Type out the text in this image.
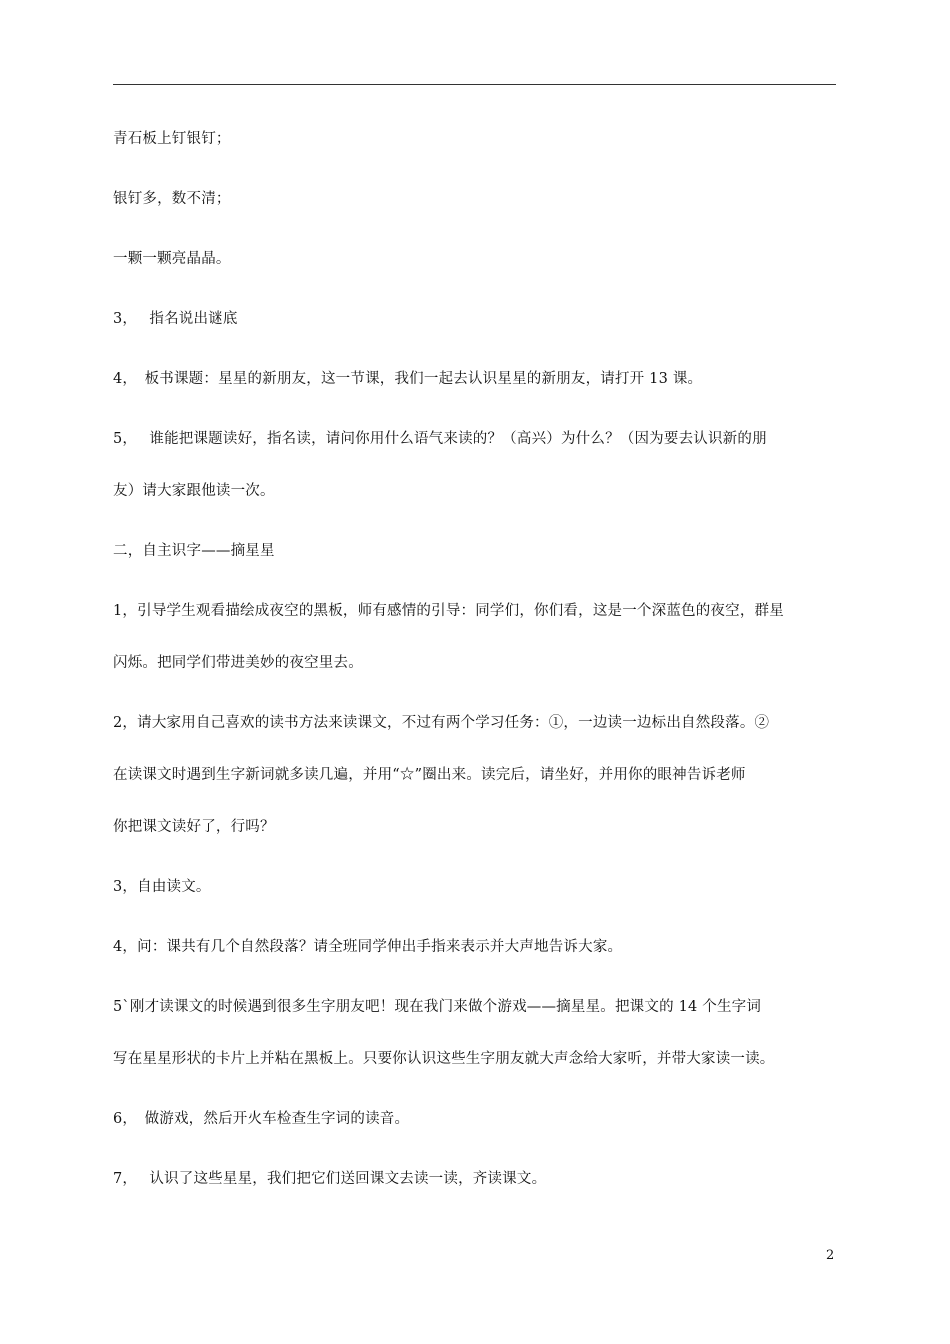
青石板上钉银钉；
银钉多，数不清；
一颗一颗亮晶晶。
3，　 指名说出谜底
4，　板书课题：星星的新朋友，这一节课，我们一起去认识星星的新朋友，请打开 13 课。
5，　 谁能把课题读好，指名读，请问你用什么语气来读的？（高兴）为什么？（因为要去认识新的朋
友）请大家跟他读一次。
二，自主识字——摘星星
1，引导学生观看描绘成夜空的黑板，师有感情的引导：同学们，你们看，这是一个深蓝色的夜空，群星
闪烁。把同学们带进美妙的夜空里去。
2，请大家用自己喜欢的读书方法来读课文，不过有两个学习任务：①，一边读一边标出自然段落。②
在读课文时遇到生字新词就多读几遍，并用“☆”圈出来。读完后，请坐好，并用你的眼神告诉老师
你把课文读好了，行吗？
3，自由读文。
4，问：课共有几个自然段落？请全班同学伸出手指来表示并大声地告诉大家。
5`刚才读课文的时候遇到很多生字朋友吧！现在我门来做个游戏——摘星星。把课文的 14 个生字词
写在星星形状的卡片上并粘在黑板上。只要你认识这些生字朋友就大声念给大家听，并带大家读一读。
6，　做游戏，然后开火车检查生字词的读音。
7，　 认识了这些星星，我们把它们送回课文去读一读，齐读课文。
2
